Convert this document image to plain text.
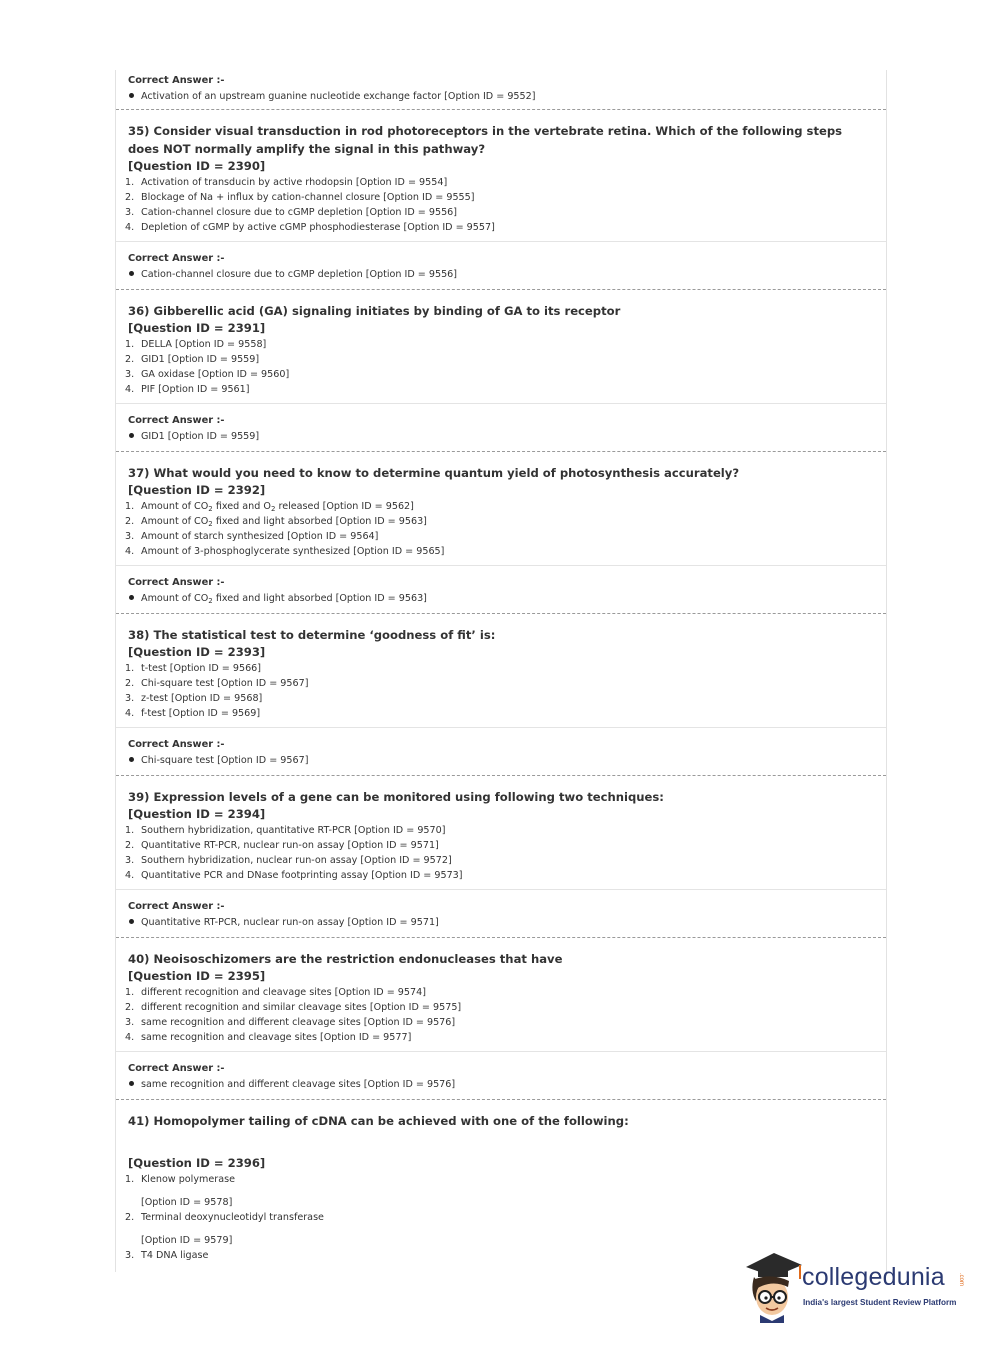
Correct Answer :-
Activation of an upstream guanine nucleotide exchange factor [Option ID = 9552]
35) Consider visual transduction in rod photoreceptors in the vertebrate retina. Which of the following steps does NOT normally amplify the signal in this pathway?
[Question ID = 2390]
1. Activation of transducin by active rhodopsin [Option ID = 9554]
2. Blockage of Na + influx by cation-channel closure [Option ID = 9555]
3. Cation-channel closure due to cGMP depletion [Option ID = 9556]
4. Depletion of cGMP by active cGMP phosphodiesterase [Option ID = 9557]
Correct Answer :-
Cation-channel closure due to cGMP depletion [Option ID = 9556]
36) Gibberellic acid (GA) signaling initiates by binding of GA to its receptor
[Question ID = 2391]
1. DELLA [Option ID = 9558]
2. GID1 [Option ID = 9559]
3. GA oxidase [Option ID = 9560]
4. PIF [Option ID = 9561]
Correct Answer :-
GID1 [Option ID = 9559]
37) What would you need to know to determine quantum yield of photosynthesis accurately?
[Question ID = 2392]
1. Amount of $CO_2$ fixed and $O_2$ released [Option ID = 9562]
2. Amount of $CO_2$ fixed and light absorbed [Option ID = 9563]
3. Amount of starch synthesized [Option ID = 9564]
4. Amount of 3-phosphoglycerate synthesized [Option ID = 9565]
Correct Answer :-
Amount of $CO_2$ fixed and light absorbed [Option ID = 9563]
38) The statistical test to determine ‘goodness of fit’ is:
[Question ID = 2393]
1. t-test [Option ID = 9566]
2. Chi-square test [Option ID = 9567]
3. z-test [Option ID = 9568]
4. f-test [Option ID = 9569]
Correct Answer :-
Chi-square test [Option ID = 9567]
39) Expression levels of a gene can be monitored using following two techniques:
[Question ID = 2394]
1. Southern hybridization, quantitative RT-PCR [Option ID = 9570]
2. Quantitative RT-PCR, nuclear run-on assay [Option ID = 9571]
3. Southern hybridization, nuclear run-on assay [Option ID = 9572]
4. Quantitative PCR and DNase footprinting assay [Option ID = 9573]
Correct Answer :-
Quantitative RT-PCR, nuclear run-on assay [Option ID = 9571]
40) Neoisoschizomers are the restriction endonucleases that have
[Question ID = 2395]
1. different recognition and cleavage sites [Option ID = 9574]
2. different recognition and similar cleavage sites [Option ID = 9575]
3. same recognition and different cleavage sites [Option ID = 9576]
4. same recognition and cleavage sites [Option ID = 9577]
Correct Answer :-
same recognition and different cleavage sites [Option ID = 9576]
41) Homopolymer tailing of cDNA can be achieved with one of the following:
[Question ID = 2396]
1. Klenow polymerase
[Option ID = 9578]
2. Terminal deoxynucleotidyl transferase
[Option ID = 9579]
3. T4 DNA ligase
collegedunia .com
India's largest Student Review Platform
